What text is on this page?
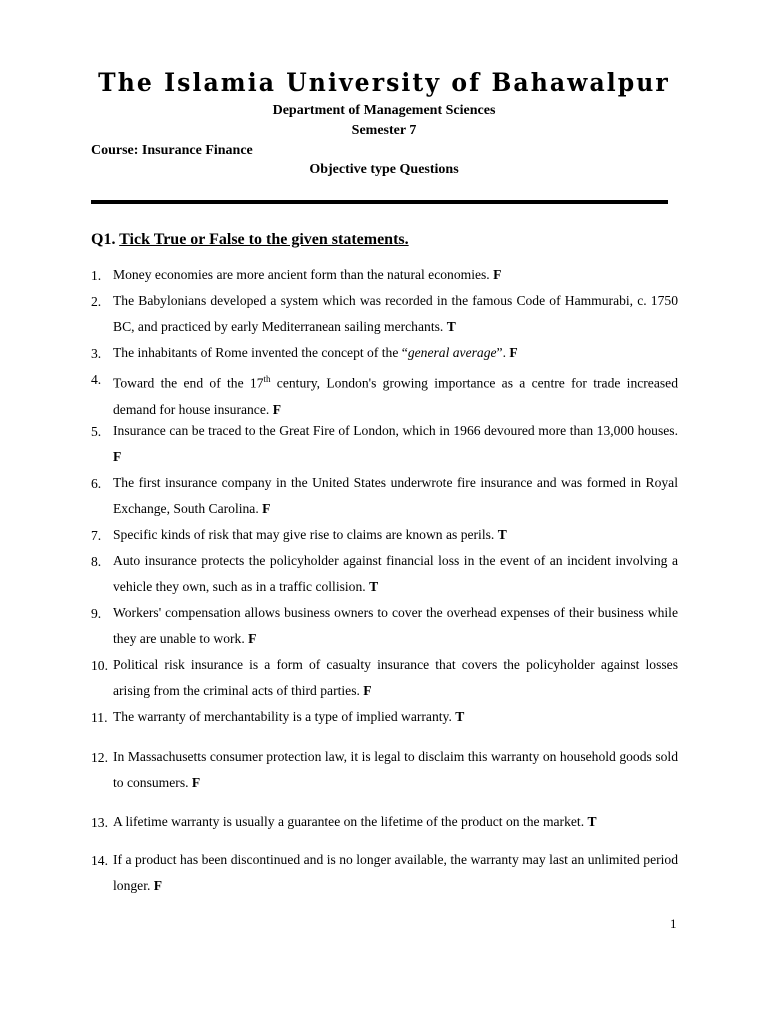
The Islamia University of Bahawalpur
Department of Management Sciences
Semester 7
Course: Insurance Finance
Objective type Questions
Q1. Tick True or False to the given statements.
1. Money economies are more ancient form than the natural economies. F
2. The Babylonians developed a system which was recorded in the famous Code of Hammurabi, c. 1750 BC, and practiced by early Mediterranean sailing merchants. T
3. The inhabitants of Rome invented the concept of the “general average”. F
4. Toward the end of the 17th century, London's growing importance as a centre for trade increased demand for house insurance. F
5. Insurance can be traced to the Great Fire of London, which in 1966 devoured more than 13,000 houses. F
6. The first insurance company in the United States underwrote fire insurance and was formed in Royal Exchange, South Carolina. F
7. Specific kinds of risk that may give rise to claims are known as perils. T
8. Auto insurance protects the policyholder against financial loss in the event of an incident involving a vehicle they own, such as in a traffic collision. T
9. Workers' compensation allows business owners to cover the overhead expenses of their business while they are unable to work. F
10. Political risk insurance is a form of casualty insurance that covers the policyholder against losses arising from the criminal acts of third parties. F
11. The warranty of merchantability is a type of implied warranty. T
12. In Massachusetts consumer protection law, it is legal to disclaim this warranty on household goods sold to consumers. F
13. A lifetime warranty is usually a guarantee on the lifetime of the product on the market. T
14. If a product has been discontinued and is no longer available, the warranty may last an unlimited period longer. F
1
